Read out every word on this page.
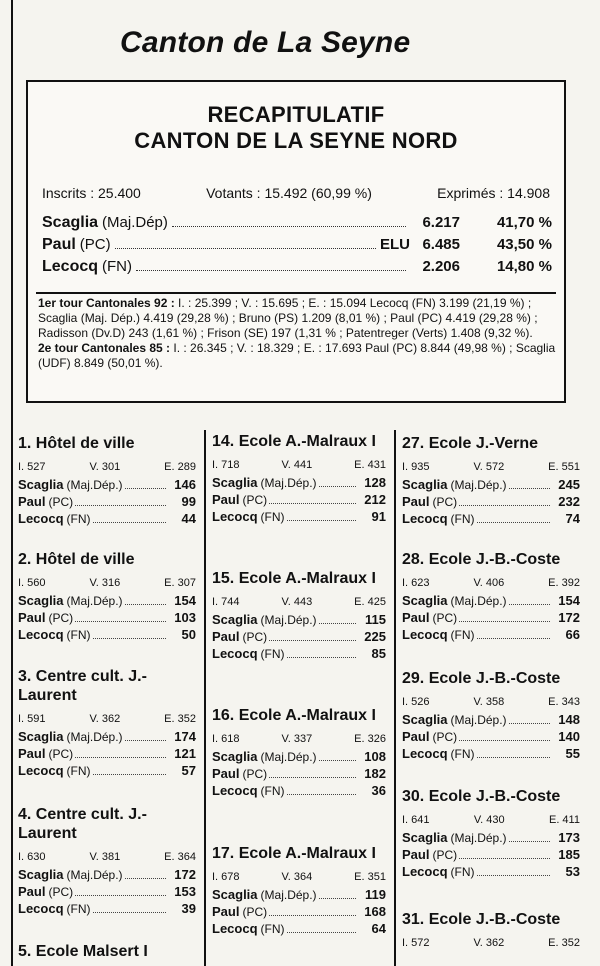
Canton de La Seyne
RECAPITULATIF
CANTON DE LA SEYNE NORD
Inscrits : 25.400	Votants : 15.492 (60,99 %)	Exprimés : 14.908
Scaglia (Maj.Dép)	6.217	41,70 %
Paul (PC)	ELU 6.485	43,50 %
Lecocq (FN)	2.206	14,80 %
1er tour Cantonales 92 : I. : 25.399 ; V. : 15.695 ; E. : 15.094 Lecocq (FN) 3.199 (21,19 %) ; Scaglia (Maj. Dép.) 4.419 (29,28 %) ; Bruno (PS) 1.209 (8,01 %) ; Paul (PC) 4.419 (29,28 %) ; Radisson (Dv.D) 243 (1,61 %) ; Frison (SE) 197 (1,31 % ; Patentreger (Verts) 1.408 (9,32 %).
2e tour Cantonales 85 : I. : 26.345 ; V. : 18.329 ; E. : 17.693 Paul (PC) 8.844 (49,98 %) ; Scaglia (UDF) 8.849 (50,01 %).
1. Hôtel de ville
I. 527	V. 301	E. 289
Scaglia (Maj.Dép.)	146
Paul (PC)	99
Lecocq (FN)	44
2. Hôtel de ville
I. 560	V. 316	E. 307
Scaglia (Maj.Dép.)	154
Paul (PC)	103
Lecocq (FN)	50
3. Centre cult. J.-Laurent
I. 591	V. 362	E. 352
Scaglia (Maj.Dép.)	174
Paul (PC)	121
Lecocq (FN)	57
4. Centre cult. J.-Laurent
I. 630	V. 381	E. 364
Scaglia (Maj.Dép.)	172
Paul (PC)	153
Lecocq (FN)	39
5. Ecole Malsert I
14. Ecole A.-Malraux I
I. 718	V. 441	E. 431
Scaglia (Maj.Dép.)	128
Paul (PC)	212
Lecocq (FN)	91
15. Ecole A.-Malraux I
I. 744	V. 443	E. 425
Scaglia (Maj.Dép.)	115
Paul (PC)	225
Lecocq (FN)	85
16. Ecole A.-Malraux I
I. 618	V. 337	E. 326
Scaglia (Maj.Dép.)	108
Paul (PC)	182
Lecocq (FN)	36
17. Ecole A.-Malraux I
I. 678	V. 364	E. 351
Scaglia (Maj.Dép.)	119
Paul (PC)	168
Lecocq (FN)	64
27. Ecole J.-Verne
I. 935	V. 572	E. 551
Scaglia (Maj.Dép.)	245
Paul (PC)	232
Lecocq (FN)	74
28. Ecole J.-B.-Coste
I. 623	V. 406	E. 392
Scaglia (Maj.Dép.)	154
Paul (PC)	172
Lecocq (FN)	66
29. Ecole J.-B.-Coste
I. 526	V. 358	E. 343
Scaglia (Maj.Dép.)	148
Paul (PC)	140
Lecocq (FN)	55
30. Ecole J.-B.-Coste
I. 641	V. 430	E. 411
Scaglia (Maj.Dép.)	173
Paul (PC)	185
Lecocq (FN)	53
31. Ecole J.-B.-Coste
I. 572	V. 362	E. 352
